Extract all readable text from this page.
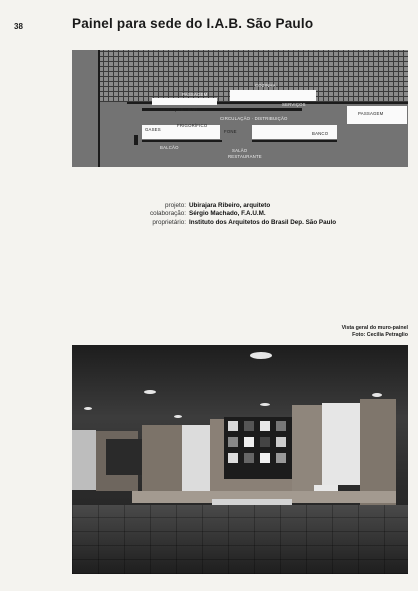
38	Painel para sede do I.A.B. São Paulo
COZINHA
PASSAGEM
SERVIÇOS · BAR
SERVIÇOS
CIRCULAÇÃO · DISTRIBUIÇÃO
PASSAGEM
GASES
FRIGORÍFICO
FONE	BANCO
BALCÃO
SALÃO
RESTAURANTE
projeto: Ubirajara Ribeiro, arquiteto
colaboração: Sérgio Machado, F.A.U.M.
proprietário: Instituto dos Arquitetos do Brasil Dep. São Paulo
Vista geral do muro-painel
Foto: Cecilia Petraglio
